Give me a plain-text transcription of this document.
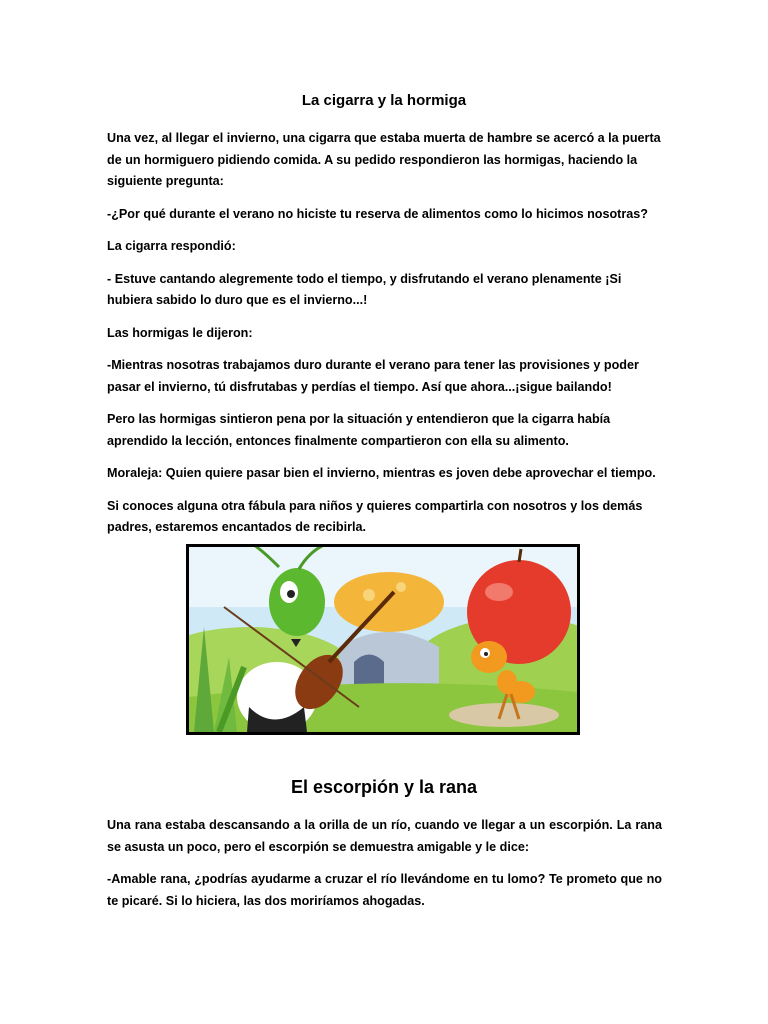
La cigarra y la hormiga

Una vez, al llegar el invierno, una cigarra que estaba muerta de hambre se acercó a la puerta de un hormiguero pidiendo comida. A su pedido respondieron las hormigas, haciendo la siguiente pregunta:

-¿Por qué durante el verano no hiciste tu reserva de alimentos como lo hicimos nosotras?

La cigarra respondió:

- Estuve cantando alegremente todo el tiempo, y disfrutando el verano plenamente ¡Si hubiera sabido lo duro que es el invierno...!

Las hormigas le dijeron:

-Mientras nosotras trabajamos duro durante el verano para tener las provisiones y poder pasar el invierno, tú disfrutabas y perdías el tiempo. Así que ahora...¡sigue bailando!

Pero las hormigas sintieron pena por la situación y entendieron que la cigarra había aprendido la lección, entonces finalmente compartieron con ella su alimento.

Moraleja: Quien quiere pasar bien el invierno, mientras es joven debe aprovechar el tiempo.

Si conoces alguna otra fábula para niños y quieres compartirla con nosotros y los demás padres, estaremos encantados de recibirla.

El escorpión y la rana

Una rana estaba descansando a la orilla de un río, cuando ve llegar a un escorpión. La rana se asusta un poco, pero el escorpión se demuestra amigable y le dice:

-Amable rana, ¿podrías ayudarme a cruzar el río llevándome en tu lomo? Te prometo que no te picaré. Si lo hiciera, las dos moriríamos ahogadas.
